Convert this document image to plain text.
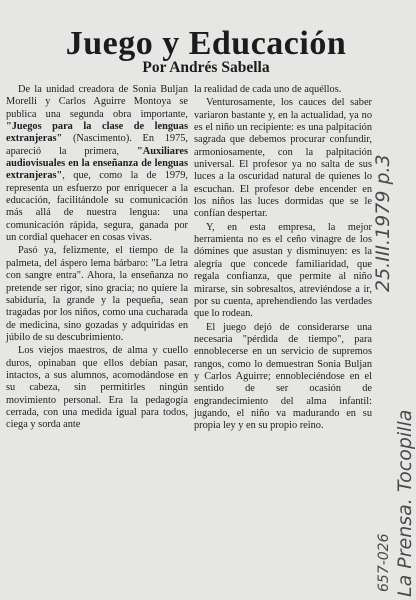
Juego y Educación
Por Andrés Sabella

De la unidad creadora de Sonia Buljan Morelli y Carlos Aguirre Montoya se publica una segunda obra importante, "Juegos para la clase de lenguas extranjeras" (Nascimento). En 1975, apareció la primera, "Auxiliares audiovisuales en la enseñanza de lenguas extranjeras", que, como la de 1979, representa un esfuerzo por enriquecer a la educación, facilitándole su comunicación más allá de nuestra lengua: una comunicación rápida, segura, ganada por un cordial quehacer en cosas vivas.

Pasó ya, felizmente, el tiempo de la palmeta, del áspero lema bárbaro: "La letra con sangre entra". Ahora, la enseñanza no pretende ser rigor, sino gracia; no quiere la sabiduría, la grande y la pequeña, sean tragadas por los niños, como una cucharada de medicina, sino gozadas y adquiridas en júbilo de su descubrimiento.

Los viejos maestros, de alma y cuello duros, opinaban que ellos debían pasar, intactos, a sus alumnos, acomodándose en su cabeza, sin permitirles ningún movimiento personal. Era la pedagogía cerrada, con una medida igual para todos, ciega y sorda ante

la realidad de cada uno de aquéllos.

Venturosamente, los cauces del saber variaron bastante y, en la actualidad, ya no es el niño un recipiente: es una palpitación sagrada que debemos procurar confundir, armoniosamente, con la palpitación universal. El profesor ya no salta de sus luces a la oscuridad natural de quienes lo escuchan. El profesor debe encender en los niños las luces dormidas que se le confían despertar.

Y, en esta empresa, la mejor herramienta no es el ceño vinagre de los dómines que asustan y disminuyen: es la alegría que concede familiaridad, que regala confianza, que permite al niño mirarse, sin sobresaltos, atreviéndose a ir, por su cuenta, aprehendiendo las verdades que lo rodean.

El juego dejó de considerarse una necesaria "pérdida de tiempo", para ennoblecerse en un servicio de supremos rangos, como lo demuestran Sonia Buljan y Carlos Aguirre; ennobleciéndose en el sentido de ser ocasión de engrandecimiento del alma infantil: jugando, el niño va madurando en su propia ley y en su propio reino.

25.III.1979 p.3
La Prensa. Tocopilla
657-026
